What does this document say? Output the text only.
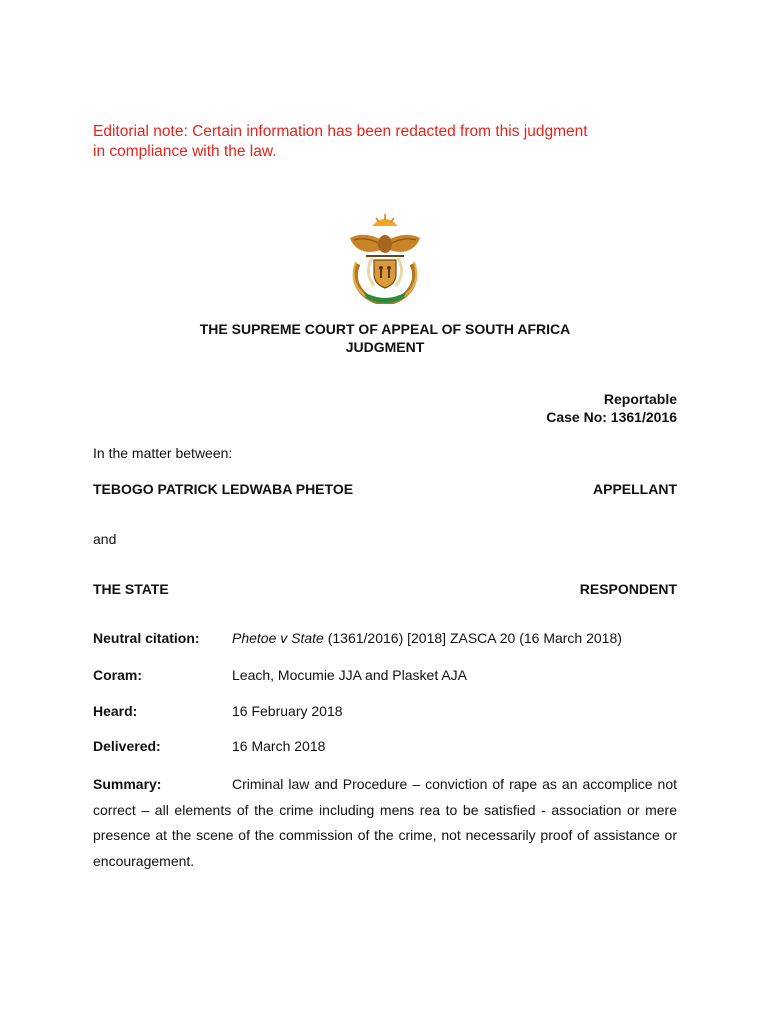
Editorial note: Certain information has been redacted from this judgment in compliance with the law.
THE SUPREME COURT OF APPEAL OF SOUTH AFRICA
JUDGMENT
Reportable
Case No: 1361/2016
In the matter between:
TEBOGO PATRICK LEDWABA PHETOE	APPELLANT
and
THE STATE	RESPONDENT
Neutral citation: Phetoe v State (1361/2016) [2018] ZASCA 20 (16 March 2018)
Coram:	Leach, Mocumie JJA and Plasket AJA
Heard:	16 February 2018
Delivered:	16 March 2018
Summary:	Criminal law and Procedure – conviction of rape as an accomplice not correct – all elements of the crime including mens rea to be satisfied - association or mere presence at the scene of the commission of the crime, not necessarily proof of assistance or encouragement.
